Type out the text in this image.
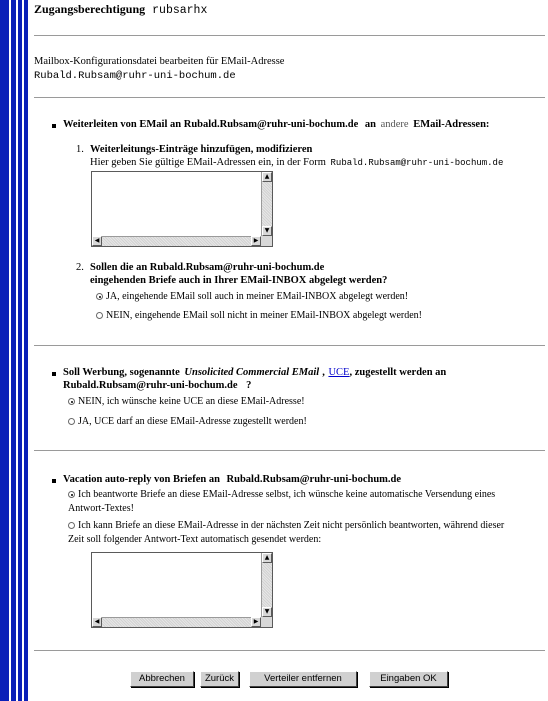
Zugangsberechtigung rubsarhx
Mailbox-Konfigurationsdatei bearbeiten für EMail-Adresse
Rubald.Rubsam@ruhr-uni-bochum.de
Weiterleiten von EMail an Rubald.Rubsam@ruhr-uni-bochum.de an andere EMail-Adressen:
1. Weiterleitungs-Einträge hinzufügen, modifizieren
Hier geben Sie gültige EMail-Adressen ein, in der Form Rubald.Rubsam@ruhr-uni-bochum.de
▲
▼
◀	▶
2. Sollen die an Rubald.Rubsam@ruhr-uni-bochum.de
eingehenden Briefe auch in Ihrer EMail-INBOX abgelegt werden?
JA, eingehende EMail soll auch in meiner EMail-INBOX abgelegt werden!
NEIN, eingehende EMail soll nicht in meiner EMail-INBOX abgelegt werden!
Soll Werbung, sogenannte Unsolicited Commercial EMail , UCE, zugestellt werden an
Rubald.Rubsam@ruhr-uni-bochum.de ?
NEIN, ich wünsche keine UCE an diese EMail-Adresse!
JA, UCE darf an diese EMail-Adresse zugestellt werden!
Vacation auto-reply von Briefen an Rubald.Rubsam@ruhr-uni-bochum.de
Ich beantworte Briefe an diese EMail-Adresse selbst, ich wünsche keine automatische Versendung eines
Antwort-Textes!
Ich kann Briefe an diese EMail-Adresse in der nächsten Zeit nicht persönlich beantworten, während dieser
Zeit soll folgender Antwort-Text automatisch gesendet werden:
▲
▼
◀	▶
Abbrechen	Zurück	Verteiler entfernen	Eingaben OK
